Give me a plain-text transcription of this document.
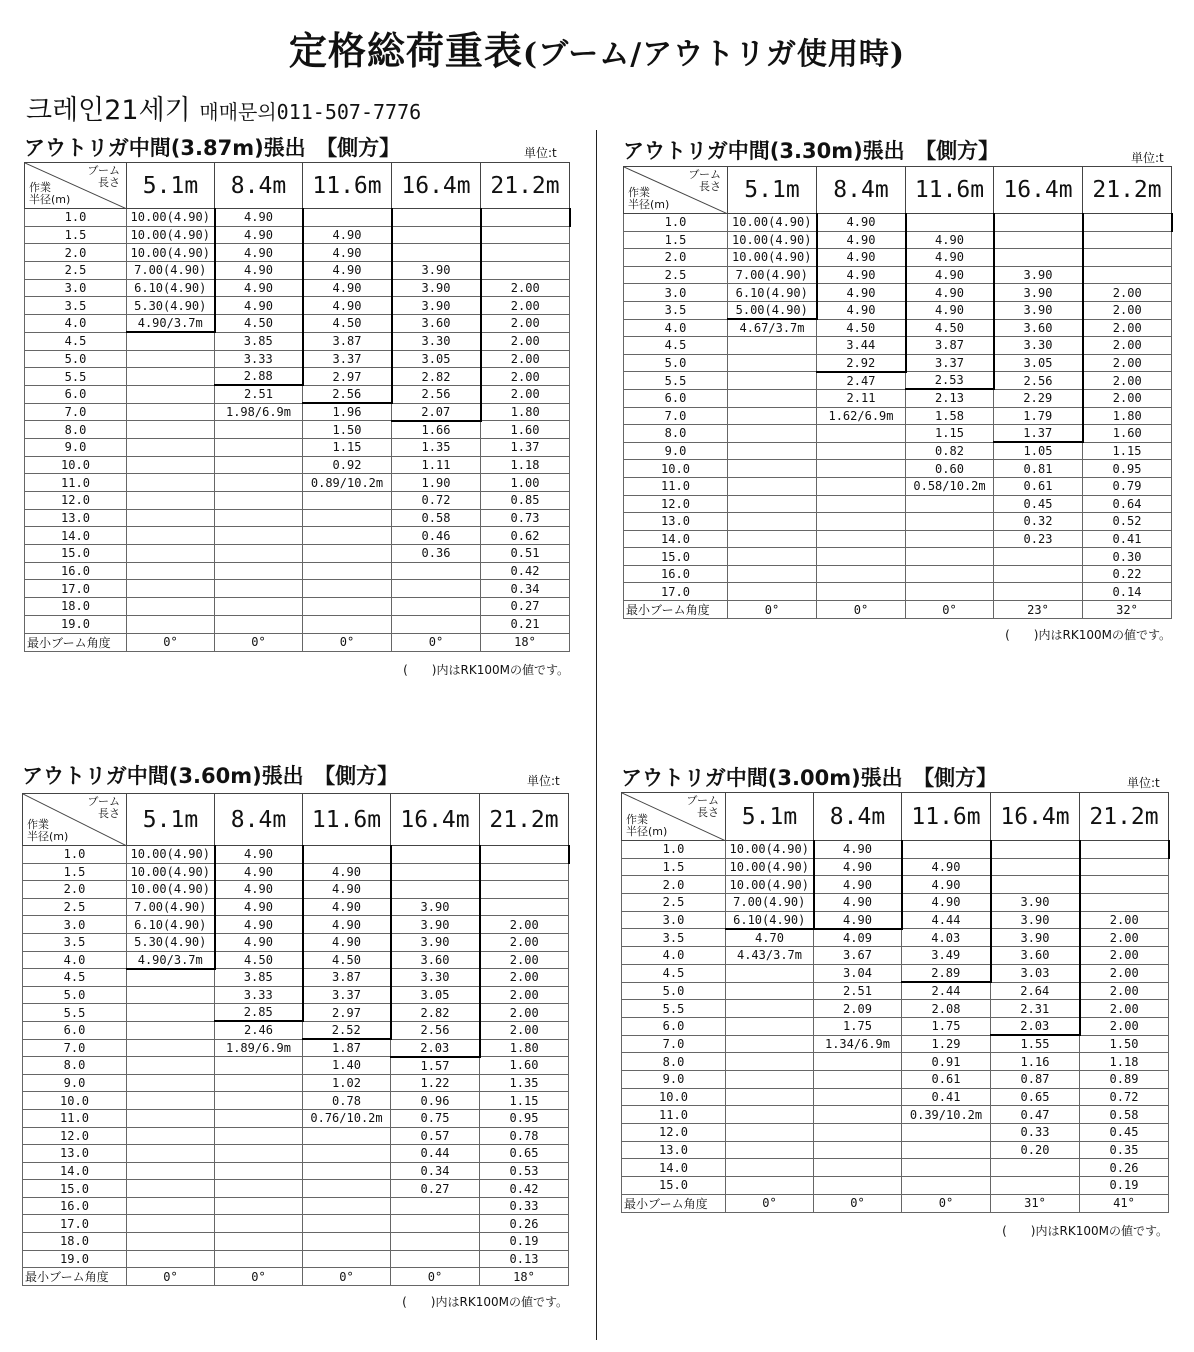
定格総荷重表(ブーム/アウトリガ使用時)
크레인21세기 매매문의011-507-7776
アウトリガ中間(3.87m)張出　【側方】	単位:t
ブーム
長さ
作業
半径(m)	5.1m	8.4m	11.6m	16.4m	21.2m
1.0	10.00(4.90)	4.90			
1.5	10.00(4.90)	4.90	4.90		
2.0	10.00(4.90)	4.90	4.90		
2.5	7.00(4.90)	4.90	4.90	3.90	
3.0	6.10(4.90)	4.90	4.90	3.90	2.00
3.5	5.30(4.90)	4.90	4.90	3.90	2.00
4.0	4.90/3.7m	4.50	4.50	3.60	2.00
4.5		3.85	3.87	3.30	2.00
5.0		3.33	3.37	3.05	2.00
5.5		2.88	2.97	2.82	2.00
6.0		2.51	2.56	2.56	2.00
7.0		1.98/6.9m	1.96	2.07	1.80
8.0			1.50	1.66	1.60
9.0			1.15	1.35	1.37
10.0			0.92	1.11	1.18
11.0			0.89/10.2m	1.90	1.00
12.0				0.72	0.85
13.0				0.58	0.73
14.0				0.46	0.62
15.0				0.36	0.51
16.0					0.42
17.0					0.34
18.0					0.27
19.0					0.21
最小ブーム角度	0°	0°	0°	0°	18°
(　　)内はRK100Mの値です。
アウトリガ中間(3.30m)張出　【側方】	単位:t
ブーム
長さ
作業
半径(m)	5.1m	8.4m	11.6m	16.4m	21.2m
1.0	10.00(4.90)	4.90			
1.5	10.00(4.90)	4.90	4.90		
2.0	10.00(4.90)	4.90	4.90		
2.5	7.00(4.90)	4.90	4.90	3.90	
3.0	6.10(4.90)	4.90	4.90	3.90	2.00
3.5	5.00(4.90)	4.90	4.90	3.90	2.00
4.0	4.67/3.7m	4.50	4.50	3.60	2.00
4.5		3.44	3.87	3.30	2.00
5.0		2.92	3.37	3.05	2.00
5.5		2.47	2.53	2.56	2.00
6.0		2.11	2.13	2.29	2.00
7.0		1.62/6.9m	1.58	1.79	1.80
8.0			1.15	1.37	1.60
9.0			0.82	1.05	1.15
10.0			0.60	0.81	0.95
11.0			0.58/10.2m	0.61	0.79
12.0				0.45	0.64
13.0				0.32	0.52
14.0				0.23	0.41
15.0					0.30
16.0					0.22
17.0					0.14
最小ブーム角度	0°	0°	0°	23°	32°
(　　)内はRK100Mの値です。
アウトリガ中間(3.60m)張出　【側方】	単位:t
ブーム
長さ
作業
半径(m)	5.1m	8.4m	11.6m	16.4m	21.2m
1.0	10.00(4.90)	4.90			
1.5	10.00(4.90)	4.90	4.90		
2.0	10.00(4.90)	4.90	4.90		
2.5	7.00(4.90)	4.90	4.90	3.90	
3.0	6.10(4.90)	4.90	4.90	3.90	2.00
3.5	5.30(4.90)	4.90	4.90	3.90	2.00
4.0	4.90/3.7m	4.50	4.50	3.60	2.00
4.5		3.85	3.87	3.30	2.00
5.0		3.33	3.37	3.05	2.00
5.5		2.85	2.97	2.82	2.00
6.0		2.46	2.52	2.56	2.00
7.0		1.89/6.9m	1.87	2.03	1.80
8.0			1.40	1.57	1.60
9.0			1.02	1.22	1.35
10.0			0.78	0.96	1.15
11.0			0.76/10.2m	0.75	0.95
12.0				0.57	0.78
13.0				0.44	0.65
14.0				0.34	0.53
15.0				0.27	0.42
16.0					0.33
17.0					0.26
18.0					0.19
19.0					0.13
最小ブーム角度	0°	0°	0°	0°	18°
(　　)内はRK100Mの値です。
アウトリガ中間(3.00m)張出　【側方】	単位:t
ブーム
長さ
作業
半径(m)	5.1m	8.4m	11.6m	16.4m	21.2m
1.0	10.00(4.90)	4.90			
1.5	10.00(4.90)	4.90	4.90		
2.0	10.00(4.90)	4.90	4.90		
2.5	7.00(4.90)	4.90	4.90	3.90	
3.0	6.10(4.90)	4.90	4.44	3.90	2.00
3.5	4.70	4.09	4.03	3.90	2.00
4.0	4.43/3.7m	3.67	3.49	3.60	2.00
4.5		3.04	2.89	3.03	2.00
5.0		2.51	2.44	2.64	2.00
5.5		2.09	2.08	2.31	2.00
6.0		1.75	1.75	2.03	2.00
7.0		1.34/6.9m	1.29	1.55	1.50
8.0			0.91	1.16	1.18
9.0			0.61	0.87	0.89
10.0			0.41	0.65	0.72
11.0			0.39/10.2m	0.47	0.58
12.0				0.33	0.45
13.0				0.20	0.35
14.0					0.26
15.0					0.19
最小ブーム角度	0°	0°	0°	31°	41°
(　　)内はRK100Mの値です。
